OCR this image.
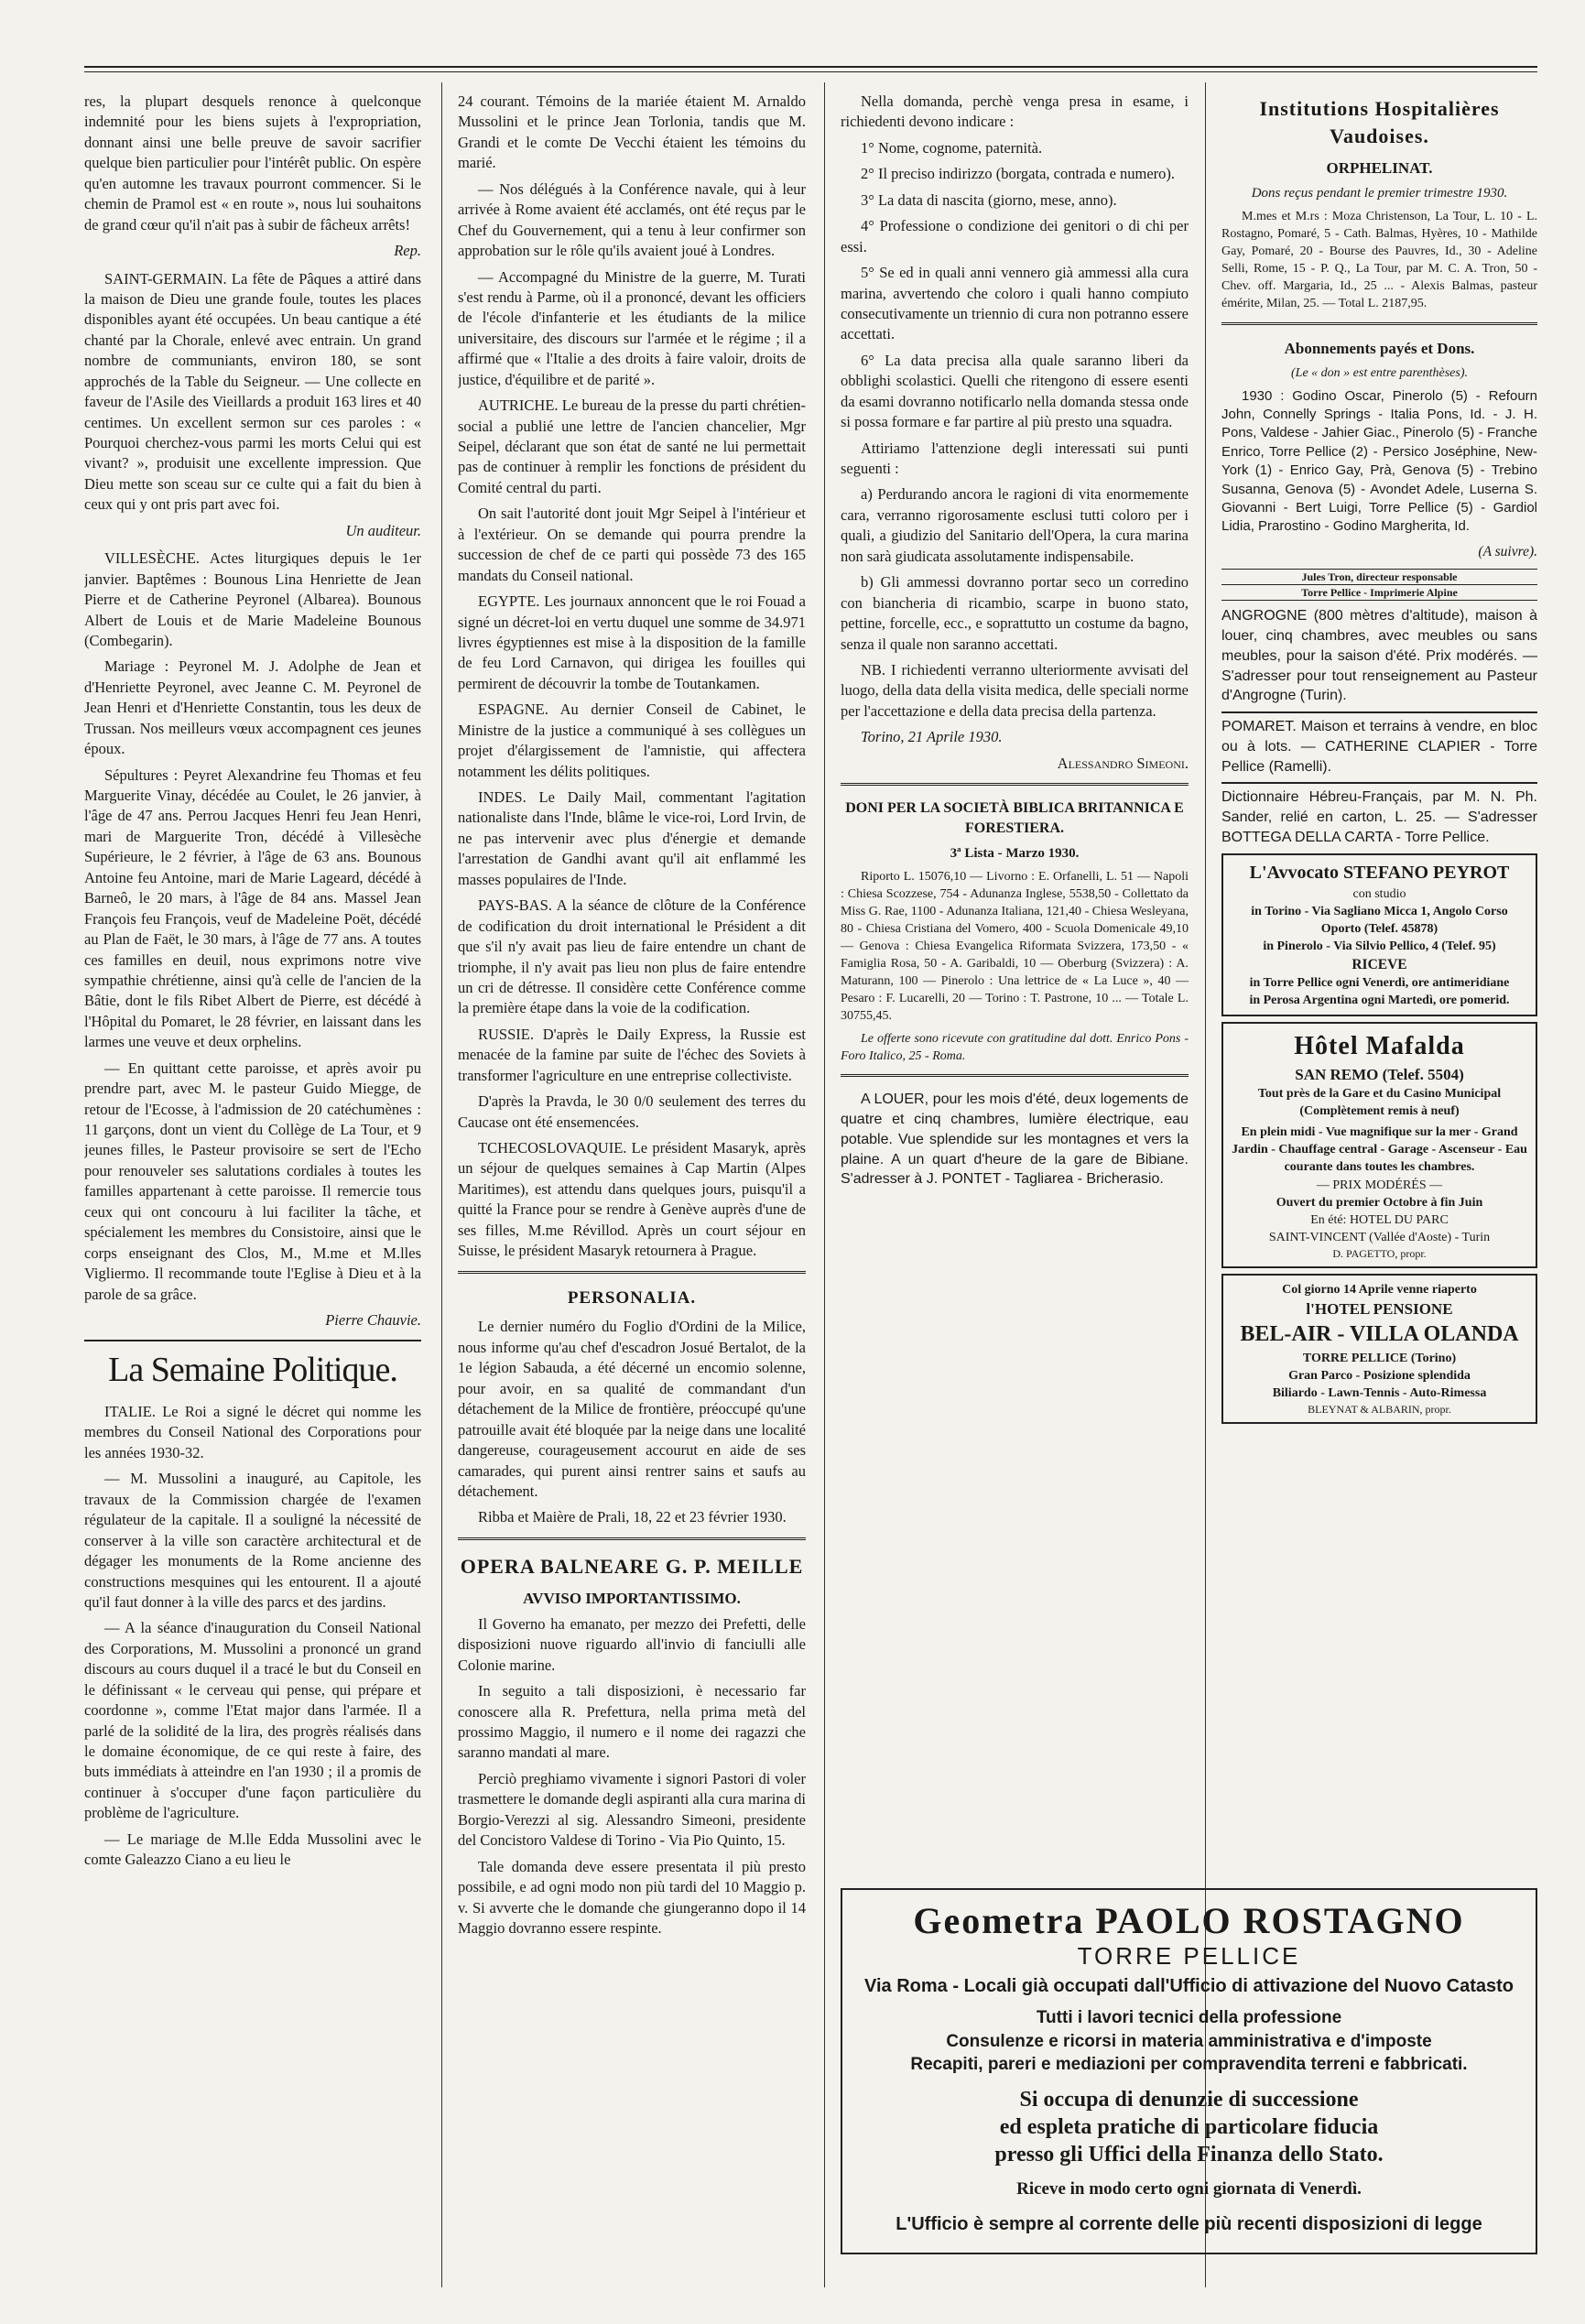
res, la plupart desquels renonce à quelconque indemnité pour les biens sujets à l'expropriation, donnant ainsi une belle preuve de savoir sacrifier quelque bien particulier pour l'intérêt public. On espère qu'en automne les travaux pourront commencer. Si le chemin de Pramol est « en route », nous lui souhaitons de grand cœur qu'il n'ait pas à subir de fâcheux arrêts!

Rep.

SAINT-GERMAIN. La fête de Pâques a attiré dans la maison de Dieu une grande foule, toutes les places disponibles ayant été occupées. Un beau cantique a été chanté par la Chorale, enlevé avec entrain. Un grand nombre de communiants, environ 180, se sont approchés de la Table du Seigneur. — Une collecte en faveur de l'Asile des Vieillards a produit 163 lires et 40 centimes. Un excellent sermon sur ces paroles : « Pourquoi cherchez-vous parmi les morts Celui qui est vivant? », produisit une excellente impression. Que Dieu mette son sceau sur ce culte qui a fait du bien à ceux qui y ont pris part avec foi.

Un auditeur.

VILLESÈCHE. Actes liturgiques depuis le 1er janvier. Baptêmes : Bounous Lina Henriette de Jean Pierre et de Catherine Peyronel (Albarea). Bounous Albert de Louis et de Marie Madeleine Bounous (Combegarin).

Mariage : Peyronel M. J. Adolphe de Jean et d'Henriette Peyronel, avec Jeanne C. M. Peyronel de Jean Henri et d'Henriette Constantin, tous les deux de Trussan. Nos meilleurs vœux accompagnent ces jeunes époux.

Sépultures : Peyret Alexandrine feu Thomas et feu Marguerite Vinay, décédée au Coulet, le 26 janvier, à l'âge de 47 ans. Perrou Jacques Henri feu Jean Henri, mari de Marguerite Tron, décédé à Villesèche Supérieure, le 2 février, à l'âge de 63 ans. Bounous Antoine feu Antoine, mari de Marie Lageard, décédé à Barneô, le 20 mars, à l'âge de 84 ans. Massel Jean François feu François, veuf de Madeleine Poët, décédé au Plan de Faët, le 30 mars, à l'âge de 77 ans. A toutes ces familles en deuil, nous exprimons notre vive sympathie chrétienne, ainsi qu'à celle de l'ancien de la Bâtie, dont le fils Ribet Albert de Pierre, est décédé à l'Hôpital du Pomaret, le 28 février, en laissant dans les larmes une veuve et deux orphelins.

— En quittant cette paroisse, et après avoir pu prendre part, avec M. le pasteur Guido Miegge, de retour de l'Ecosse, à l'admission de 20 catéchumènes : 11 garçons, dont un vient du Collège de La Tour, et 9 jeunes filles, le Pasteur provisoire se sert de l'Echo pour renouveler ses salutations cordiales à toutes les familles appartenant à cette paroisse. Il remercie tous ceux qui ont concouru à lui faciliter la tâche, et spécialement les membres du Consistoire, ainsi que le corps enseignant des Clos, M., M.me et M.lles Vigliermo. Il recommande toute l'Eglise à Dieu et à la parole de sa grâce.

Pierre Chauvie.
La Semaine Politique.

ITALIE. Le Roi a signé le décret qui nomme les membres du Conseil National des Corporations pour les années 1930-32.

— M. Mussolini a inauguré, au Capitole, les travaux de la Commission chargée de l'examen régulateur de la capitale. Il a souligné la nécessité de conserver à la ville son caractère architectural et de dégager les monuments de la Rome ancienne des constructions mesquines qui les entourent. Il a ajouté qu'il faut donner à la ville des parcs et des jardins.

— A la séance d'inauguration du Conseil National des Corporations, M. Mussolini a prononcé un grand discours au cours duquel il a tracé le but du Conseil en le définissant « le cerveau qui pense, qui prépare et coordonne », comme l'Etat major dans l'armée. Il a parlé de la solidité de la lira, des progrès réalisés dans le domaine économique, de ce qui reste à faire, des buts immédiats à atteindre en l'an 1930 ; il a promis de continuer à s'occuper d'une façon particulière du problème de l'agriculture.

— Le mariage de M.lle Edda Mussolini avec le comte Galeazzo Ciano a eu lieu le

24 courant. Témoins de la mariée étaient M. Arnaldo Mussolini et le prince Jean Torlonia, tandis que M. Grandi et le comte De Vecchi étaient les témoins du marié.

— Nos délégués à la Conférence navale, qui à leur arrivée à Rome avaient été acclamés, ont été reçus par le Chef du Gouvernement, qui a tenu à leur confirmer son approbation sur le rôle qu'ils avaient joué à Londres.

— Accompagné du Ministre de la guerre, M. Turati s'est rendu à Parme, où il a prononcé, devant les officiers de l'école d'infanterie et les étudiants de la milice universitaire, des discours sur l'armée et le régime ; il a affirmé que « l'Italie a des droits à faire valoir, droits de justice, d'équilibre et de parité ».

AUTRICHE. Le bureau de la presse du parti chrétien-social a publié une lettre de l'ancien chancelier, Mgr Seipel, déclarant que son état de santé ne lui permettait pas de continuer à remplir les fonctions de président du Comité central du parti.

On sait l'autorité dont jouit Mgr Seipel à l'intérieur et à l'extérieur. On se demande qui pourra prendre la succession de chef de ce parti qui possède 73 des 165 mandats du Conseil national.

EGYPTE. Les journaux annoncent que le roi Fouad a signé un décret-loi en vertu duquel une somme de 34.971 livres égyptiennes est mise à la disposition de la famille de feu Lord Carnavon, qui dirigea les fouilles qui permirent de découvrir la tombe de Toutankamen.

ESPAGNE. Au dernier Conseil de Cabinet, le Ministre de la justice a communiqué à ses collègues un projet d'élargissement de l'amnistie, qui affectera notamment les délits politiques.

INDES. Le Daily Mail, commentant l'agitation nationaliste dans l'Inde, blâme le vice-roi, Lord Irvin, de ne pas intervenir avec plus d'énergie et demande l'arrestation de Gandhi avant qu'il ait enflammé les masses populaires de l'Inde.

PAYS-BAS. A la séance de clôture de la Conférence de codification du droit international le Président a dit que s'il n'y avait pas lieu de faire entendre un chant de triomphe, il n'y avait pas lieu non plus de faire entendre un cri de détresse. Il considère cette Conférence comme la première étape dans la voie de la codification.

RUSSIE. D'après le Daily Express, la Russie est menacée de la famine par suite de l'échec des Soviets à transformer l'agriculture en une entreprise collectiviste.

D'après la Pravda, le 30 0/0 seulement des terres du Caucase ont été ensemencées.

TCHECOSLOVAQUIE. Le président Masaryk, après un séjour de quelques semaines à Cap Martin (Alpes Maritimes), est attendu dans quelques jours, puisqu'il a quitté la France pour se rendre à Genève auprès d'une de ses filles, M.me Révillod. Après un court séjour en Suisse, le président Masaryk retournera à Prague.

PERSONALIA.

Le dernier numéro du Foglio d'Ordini de la Milice, nous informe qu'au chef d'escadron Josué Bertalot, de la 1e légion Sabauda, a été décerné un encomio solenne, pour avoir, en sa qualité de commandant d'un détachement de la Milice de frontière, préoccupé qu'une patrouille avait été bloquée par la neige dans une localité dangereuse, courageusement accourut en aide de ses camarades, qui purent ainsi rentrer sains et saufs au détachement.

Ribba et Maière de Prali, 18, 22 et 23 février 1930.

OPERA BALNEARE G. P. MEILLE
AVVISO IMPORTANTISSIMO.

Il Governo ha emanato, per mezzo dei Prefetti, delle disposizioni nuove riguardo all'invio di fanciulli alle Colonie marine.

In seguito a tali disposizioni, è necessario far conoscere alla R. Prefettura, nella prima metà del prossimo Maggio, il numero e il nome dei ragazzi che saranno mandati al mare.

Perciò preghiamo vivamente i signori Pastori di voler trasmettere le domande degli aspiranti alla cura marina di Borgio-Verezzi al sig. Alessandro Simeoni, presidente del Concistoro Valdese di Torino - Via Pio Quinto, 15.

Tale domanda deve essere presentata il più presto possibile, e ad ogni modo non più tardi del 10 Maggio p. v. Si avverte che le domande che giungeranno dopo il 14 Maggio dovranno essere respinte.

Nella domanda, perchè venga presa in esame, i richiedenti devono indicare :

1° Nome, cognome, paternità.

2° Il preciso indirizzo (borgata, contrada e numero).

3° La data di nascita (giorno, mese, anno).

4° Professione o condizione dei genitori o di chi per essi.

5° Se ed in quali anni vennero già ammessi alla cura marina, avvertendo che coloro i quali hanno compiuto consecutivamente un triennio di cura non potranno essere accettati.

6° La data precisa alla quale saranno liberi da obblighi scolastici. Quelli che ritengono di essere esenti da esami dovranno notificarlo nella domanda stessa onde si possa formare e far partire al più presto una squadra.

Attiriamo l'attenzione degli interessati sui punti seguenti :

a) Perdurando ancora le ragioni di vita enormemente cara, verranno rigorosamente esclusi tutti coloro per i quali, a giudizio del Sanitario dell'Opera, la cura marina non sarà giudicata assolutamente indispensabile.

b) Gli ammessi dovranno portar seco un corredino con biancheria di ricambio, scarpe in buono stato, pettine, forcelle, ecc., e soprattutto un costume da bagno, senza il quale non saranno accettati.

NB. I richiedenti verranno ulteriormente avvisati del luogo, della data della visita medica, delle speciali norme per l'accettazione e della data precisa della partenza.

Torino, 21 Aprile 1930.

Alessandro Simeoni.
DONI PER LA SOCIETÀ BIBLICA BRITANNICA E FORESTIERA.
3ª Lista - Marzo 1930.

Riporto L. 15076,10 — Livorno : E. Orfanelli, L. 51 — Napoli : Chiesa Scozzese, 754 - Adunanza Inglese, 5538,50 - Collettato da Miss G. Rae, 1100 - Adunanza Italiana, 121,40 - Chiesa Wesleyana, 80 - Chiesa Cristiana del Vomero, 400 - Scuola Domenicale 49,10 — Genova : Chiesa Evangelica Riformata Svizzera, 173,50 - « Famiglia Rosa, 50 - A. Garibaldi, 10 — Oberburg (Svizzera) : A. Maturann, 100 — Pinerolo : Una lettrice de « La Luce », 40 — Pesaro : F. Lucarelli, 20 — Torino : T. Pastrone, 10 ... — Totale L. 30755,45.

Le offerte sono ricevute con gratitudine dal dott. Enrico Pons - Foro Italico, 25 - Roma.

A LOUER, pour les mois d'été, deux logements de quatre et cinq chambres, lumière électrique, eau potable. Vue splendide sur les montagnes et vers la plaine. A un quart d'heure de la gare de Bibiane. S'adresser à J. PONTET - Tagliarea - Bricherasio.

Institutions Hospitalières Vaudoises.
ORPHELINAT.
Dons reçus pendant le premier trimestre 1930.

M.mes et M.rs : Moza Christenson, La Tour, L. 10 - L. Rostagno, Pomaré, 5 - Cath. Balmas, Hyères, 10 - Mathilde Gay, Pomaré, 20 - Bourse des Pauvres, Id., 30 - Adeline Selli, Rome, 15 - P. Q., La Tour, par M. C. A. Tron, 50 - Chev. off. Margaria, Id., 25 ... - Alexis Balmas, pasteur émérite, Milan, 25. — Total L. 2187,95.

Abonnements payés et Dons.
(Le « don » est entre parenthèses).

1930 : Godino Oscar, Pinerolo (5) - Refourn John, Connelly Springs - Italia Pons, Id. - J. H. Pons, Valdese - Jahier Giac., Pinerolo (5) - Franche Enrico, Torre Pellice (2) - Persico Joséphine, New-York (1) - Enrico Gay, Prà, Genova (5) - Trebino Susanna, Genova (5) - Avondet Adele, Luserna S. Giovanni - Bert Luigi, Torre Pellice (5) - Gardiol Lidia, Prarostino - Godino Margherita, Id.

(A suivre).
Jules Tron, directeur responsable
Torre Pellice - Imprimerie Alpine

ANGROGNE (800 mètres d'altitude), maison à louer, cinq chambres, avec meubles ou sans meubles, pour la saison d'été. Prix modérés. — S'adresser pour tout renseignement au Pasteur d'Angrogne (Turin).

POMARET. Maison et terrains à vendre, en bloc ou à lots. — CATHERINE CLAPIER - Torre Pellice (Ramelli).

Dictionnaire Hébreu-Français, par M. N. Ph. Sander, relié en carton, L. 25. — S'adresser BOTTEGA DELLA CARTA - Torre Pellice.

L'Avvocato STEFANO PEYROT
con studio
in Torino - Via Sagliano Micca 1, Angolo Corso Oporto (Telef. 45878)
in Pinerolo - Via Silvio Pellico, 4 (Telef. 95)
RICEVE
in Torre Pellice ogni Venerdì, ore antimeridiane
in Perosa Argentina ogni Martedì, ore pomerid.
Hôtel Mafalda
SAN REMO (Telef. 5504)
Tout près de la Gare et du Casino Municipal
(Complètement remis à neuf)
En plein midi - Vue magnifique sur la mer - Grand Jardin - Chauffage central - Garage - Ascenseur - Eau courante dans toutes les chambres.
— PRIX MODÉRÉS —
Ouvert du premier Octobre à fin Juin
En été: HOTEL DU PARC
SAINT-VINCENT (Vallée d'Aoste) - Turin
D. PAGETTO, propr.
Col giorno 14 Aprile venne riaperto
l'HOTEL PENSIONE
BEL-AIR - VILLA OLANDA
TORRE PELLICE (Torino)
Gran Parco - Posizione splendida
Biliardo - Lawn-Tennis - Auto-Rimessa
BLEYNAT & ALBARIN, propr.
Geometra PAOLO ROSTAGNO
TORRE PELLICE
Via Roma - Locali già occupati dall'Ufficio di attivazione del Nuovo Catasto
Tutti i lavori tecnici della professione
Consulenze e ricorsi in materia amministrativa e d'imposte
Recapiti, pareri e mediazioni per compravendita terreni e fabbricati.
Si occupa di denunzie di successione
ed espleta pratiche di particolare fiducia
presso gli Uffici della Finanza dello Stato.
Riceve in modo certo ogni giornata di Venerdì.
L'Ufficio è sempre al corrente delle più recenti disposizioni di legge
